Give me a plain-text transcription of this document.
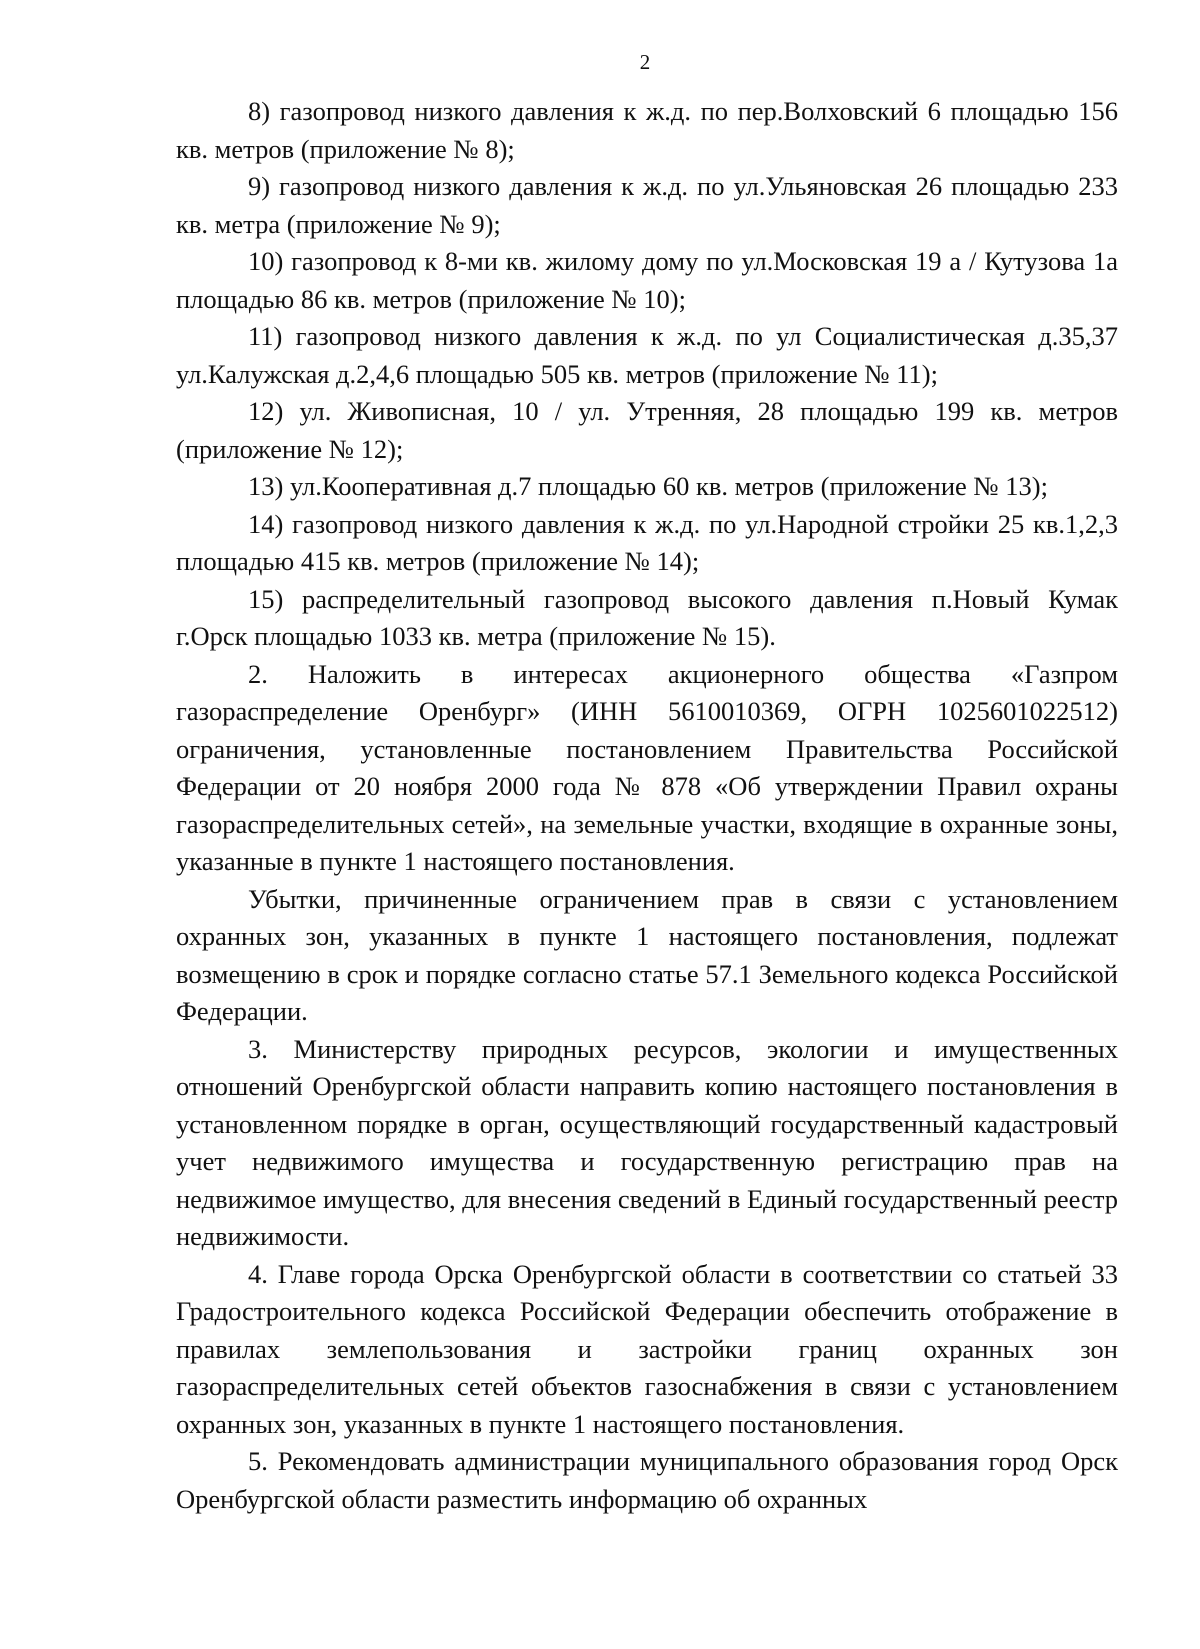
2

8) газопровод низкого давления к ж.д. по пер.Волховский 6 площадью 156 кв. метров (приложение № 8);

9) газопровод низкого давления к ж.д. по ул.Ульяновская 26 площадью 233 кв. метра (приложение № 9);

10) газопровод к 8-ми кв. жилому дому по ул.Московская 19 а / Кутузова 1а площадью 86 кв. метров (приложение № 10);

11) газопровод низкого давления к ж.д. по ул Социалистическая д.35,37 ул.Калужская д.2,4,6 площадью 505 кв. метров (приложение № 11);

12) ул. Живописная, 10 / ул. Утренняя, 28 площадью 199 кв. метров (приложение № 12);

13) ул.Кооперативная д.7 площадью 60 кв. метров (приложение № 13);

14) газопровод низкого давления к ж.д. по ул.Народной стройки 25 кв.1,2,3 площадью 415 кв. метров (приложение № 14);

15) распределительный газопровод высокого давления п.Новый Кумак г.Орск площадью 1033 кв. метра (приложение № 15).

2. Наложить в интересах акционерного общества «Газпром газораспределение Оренбург» (ИНН 5610010369, ОГРН 1025601022512) ограничения, установленные постановлением Правительства Российской Федерации от 20 ноября 2000 года № 878 «Об утверждении Правил охраны газораспределительных сетей», на земельные участки, входящие в охранные зоны, указанные в пункте 1 настоящего постановления.

Убытки, причиненные ограничением прав в связи с установлением охранных зон, указанных в пункте 1 настоящего постановления, подлежат возмещению в срок и порядке согласно статье 57.1 Земельного кодекса Российской Федерации.

3. Министерству природных ресурсов, экологии и имущественных отношений Оренбургской области направить копию настоящего постановления в установленном порядке в орган, осуществляющий государственный кадастровый учет недвижимого имущества и государственную регистрацию прав на недвижимое имущество, для внесения сведений в Единый государственный реестр недвижимости.

4. Главе города Орска Оренбургской области в соответствии со статьей 33 Градостроительного кодекса Российской Федерации обеспечить отображение в правилах землепользования и застройки границ охранных зон газораспределительных сетей объектов газоснабжения в связи с установлением охранных зон, указанных в пункте 1 настоящего постановления.

5. Рекомендовать администрации муниципального образования город Орск Оренбургской области разместить информацию об охранных
